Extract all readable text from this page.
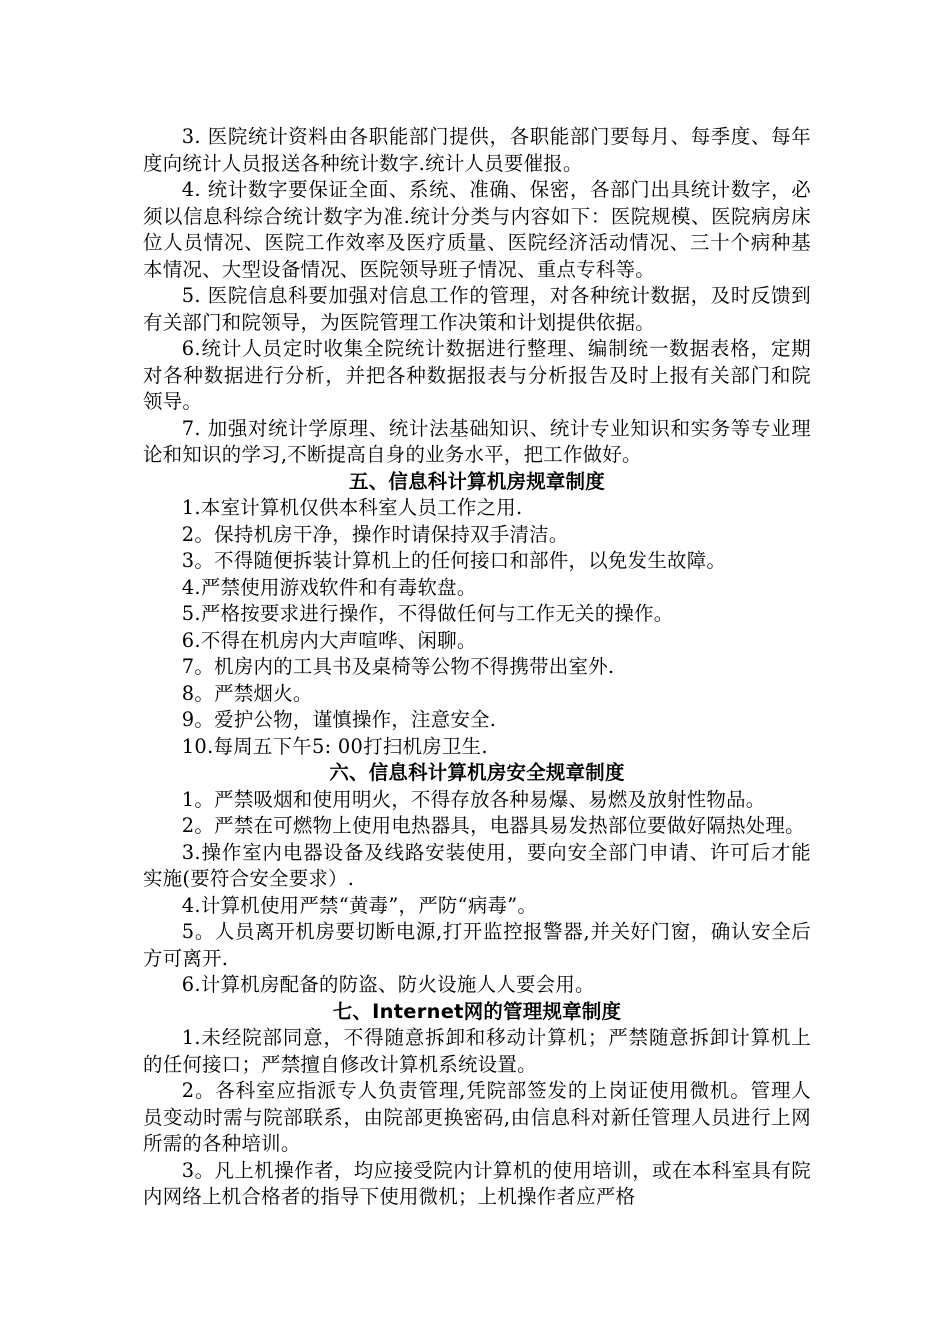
3. 医院统计资料由各职能部门提供，各职能部门要每月、每季度、每年度向统计人员报送各种统计数字.统计人员要催报。

4. 统计数字要保证全面、系统、准确、保密，各部门出具统计数字，必须以信息科综合统计数字为准.统计分类与内容如下：医院规模、医院病房床位人员情况、医院工作效率及医疗质量、医院经济活动情况、三十个病种基本情况、大型设备情况、医院领导班子情况、重点专科等。

5. 医院信息科要加强对信息工作的管理，对各种统计数据，及时反馈到有关部门和院领导，为医院管理工作决策和计划提供依据。

6.统计人员定时收集全院统计数据进行整理、编制统一数据表格，定期对各种数据进行分析，并把各种数据报表与分析报告及时上报有关部门和院领导。

7. 加强对统计学原理、统计法基础知识、统计专业知识和实务等专业理论和知识的学习,不断提高自身的业务水平，把工作做好。

五、信息科计算机房规章制度

1.本室计算机仅供本科室人员工作之用.

2。保持机房干净，操作时请保持双手清洁。

3。不得随便拆装计算机上的任何接口和部件，以免发生故障。

4.严禁使用游戏软件和有毒软盘。

5.严格按要求进行操作，不得做任何与工作无关的操作。

6.不得在机房内大声喧哗、闲聊。

7。机房内的工具书及桌椅等公物不得携带出室外.

8。严禁烟火。

9。爱护公物，谨慎操作，注意安全.

10.每周五下午5: 00打扫机房卫生.

六、信息科计算机房安全规章制度

1。严禁吸烟和使用明火，不得存放各种易爆、易燃及放射性物品。

2。严禁在可燃物上使用电热器具，电器具易发热部位要做好隔热处理。

3.操作室内电器设备及线路安装使用，要向安全部门申请、许可后才能实施(要符合安全要求）.

4.计算机使用严禁“黄毒”，严防“病毒”。

5。人员离开机房要切断电源,打开监控报警器,并关好门窗，确认安全后方可离开.

6.计算机房配备的防盗、防火设施人人要会用。

七、Internet网的管理规章制度

1.未经院部同意，不得随意拆卸和移动计算机；严禁随意拆卸计算机上的任何接口；严禁擅自修改计算机系统设置。

2。各科室应指派专人负责管理,凭院部签发的上岗证使用微机。管理人员变动时需与院部联系，由院部更换密码,由信息科对新任管理人员进行上网所需的各种培训。

3。凡上机操作者，均应接受院内计算机的使用培训，或在本科室具有院内网络上机合格者的指导下使用微机；上机操作者应严格
